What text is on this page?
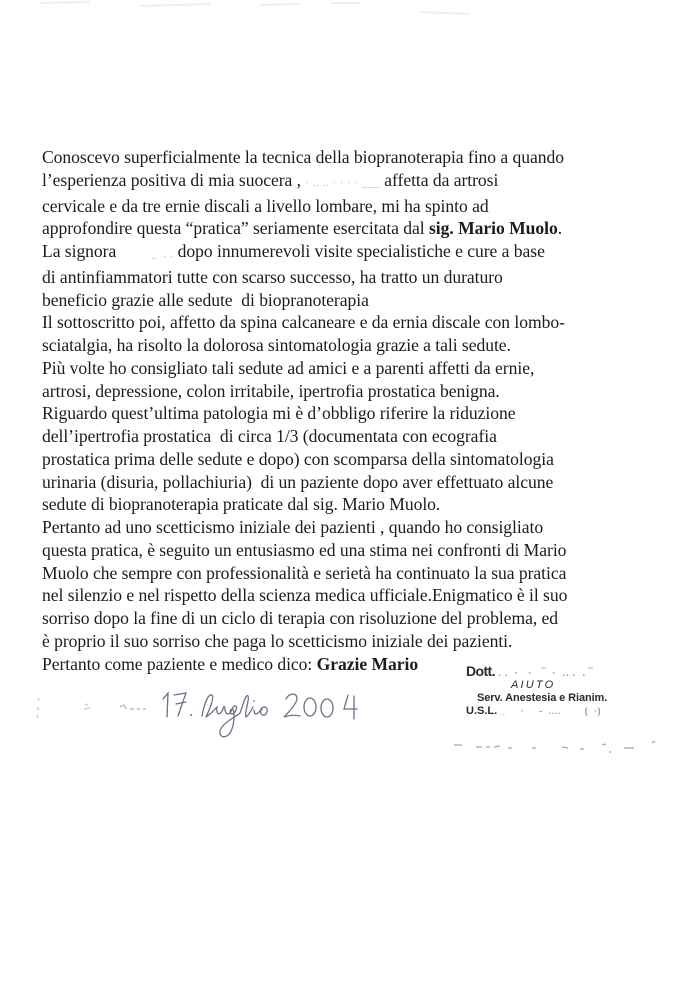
Conoscevo superficialmente la tecnica della biopranoterapia fino a quando
l’esperienza positiva di mia suocera , · .. .. · · · · ___ affetta da artrosi
cervicale e da tre ernie discali a livello lombare, mi ha spinto ad
approfondire questa “pratica” seriamente esercitata dal sig. Mario Muolo.
La signora        _  . . dopo innumerevoli visite specialistiche e cure a base
di antinfiammatori tutte con scarso successo, ha tratto un duraturo
beneficio grazie alle sedute  di biopranoterapia
Il sottoscritto poi, affetto da spina calcaneare e da ernia discale con lombo-
sciatalgia, ha risolto la dolorosa sintomatologia grazie a tali sedute.
Più volte ho consigliato tali sedute ad amici e a parenti affetti da ernie,
artrosi, depressione, colon irritabile, ipertrofia prostatica benigna.
Riguardo quest’ultima patologia mi è d’obbligo riferire la riduzione
dell’ipertrofia prostatica  di circa 1/3 (documentata con ecografia
prostatica prima delle sedute e dopo) con scomparsa della sintomatologia
urinaria (disuria, pollachiuria)  di un paziente dopo aver effettuato alcune
sedute di biopranoterapia praticate dal sig. Mario Muolo.
Pertanto ad uno scetticismo iniziale dei pazienti , quando ho consigliato
questa pratica, è seguito un entusiasmo ed una stima nei confronti di Mario
Muolo che sempre con professionalità e serietà ha continuato la sua pratica
nel silenzio e nel rispetto della scienza medica ufficiale.Enigmatico è il suo
sorriso dopo la fine di un ciclo di terapia con risoluzione del problema, ed
è proprio il suo sorriso che paga lo scetticismo iniziale dei pazienti.
Pertanto come paziente e medico dico: Grazie Mario	Dott. . .  ·   ·   ‾  ·  .. .  . ‾
AIUTO
Serv. Anestesia e Rianim.
U.S.L. _     ·     -  ....        (  ·)
